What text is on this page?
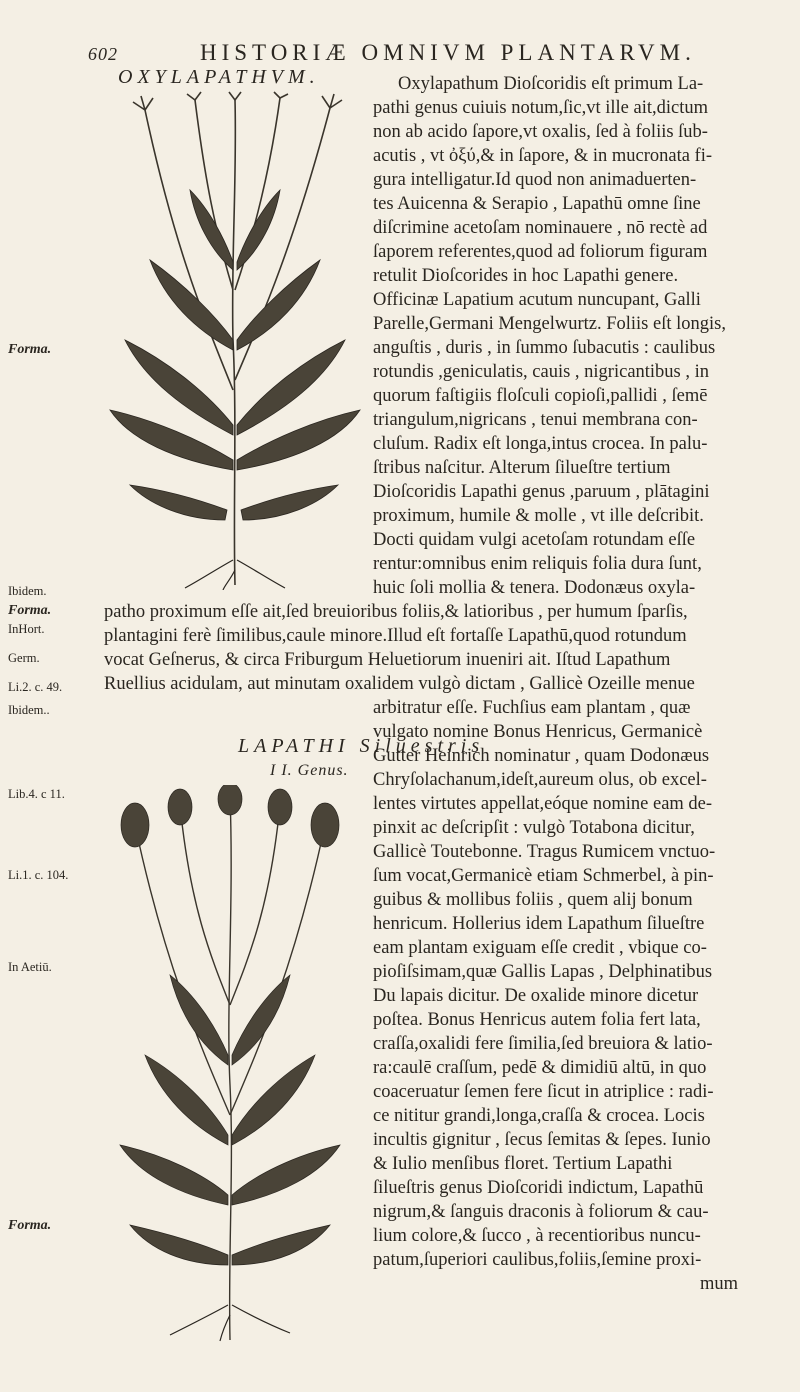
602	HISTORIÆ OMNIVM PLANTARVM.
OXYLAPATHVM.
LAPATHI Siluestris
I I. Genus.
Forma.
Ibidem.
Forma.
InHort.
Germ.
Li.2. c. 49.
Ibidem..
Lib.4. c 11.
Li.1. c. 104.
In Aetiū.
Forma.
Oxylapathum Dioſcoridis eſt primum La-
pathi genus cuiuis notum,ſic,vt ille ait,dictum
non ab acido ſapore,vt oxalis, ſed à foliis ſub-
acutis , vt ὀξύ,& in ſapore, & in mucronata fi-
gura intelligatur.Id quod non animaduerten-
tes Auicenna & Serapio , Lapathū omne ſine
diſcrimine acetoſam nominauere , nō rectè ad
ſaporem referentes,quod ad foliorum figuram
retulit Dioſcorides in hoc Lapathi genere.
Officinæ Lapatium acutum nuncupant, Galli
Parelle,Germani Mengelwurtz. Foliis eſt longis,
anguſtis , duris , in ſummo ſubacutis : caulibus
rotundis ,geniculatis, cauis , nigricantibus , in
quorum faſtigiis floſculi copioſi,pallidi , ſemē
triangulum,nigricans , tenui membrana con-
cluſum. Radix eſt longa,intus crocea. In palu-
ſtribus naſcitur. Alterum ſilueſtre tertium
Dioſcoridis Lapathi genus ,paruum , plātagini
proximum, humile & molle , vt ille deſcribit.
Docti quidam vulgi acetoſam rotundam eſſe
rentur:omnibus enim reliquis folia dura ſunt,
huic ſoli mollia & tenera. Dodonæus oxyla-
patho proximum eſſe ait,ſed breuioribus foliis,& latioribus , per humum ſparſis,
plantagini ferè ſimilibus,caule minore.Illud eſt fortaſſe Lapathū,quod rotundum
vocat Geſnerus, & circa Friburgum Heluetiorum inueniri ait. Iſtud Lapathum
Ruellius acidulam, aut minutam oxalidem vulgò dictam , Gallicè Ozeille menue
arbitratur eſſe. Fuchſius eam plantam , quæ
vulgato nomine Bonus Henricus, Germanicè
Gutter Heinrich nominatur , quam Dodonæus
Chryſolachanum,ideſt,aureum olus, ob excel-
lentes virtutes appellat,eóque nomine eam de-
pinxit ac deſcripſit : vulgò Totabona dicitur,
Gallicè Toutebonne. Tragus Rumicem vnctuo-
ſum vocat,Germanicè etiam Schmerbel, à pin-
guibus & mollibus foliis , quem alij bonum
henricum. Hollerius idem Lapathum ſilueſtre
eam plantam exiguam eſſe credit , vbique co-
pioſiſsimam,quæ Gallis Lapas , Delphinatibus
Du lapais dicitur. De oxalide minore dicetur
poſtea. Bonus Henricus autem folia fert lata,
craſſa,oxalidi fere ſimilia,ſed breuiora & latio-
ra:caulē craſſum, pedē & dimidiū altū, in quo
coaceruatur ſemen fere ſicut in atriplice : radi-
ce nititur grandi,longa,craſſa & crocea. Locis
incultis gignitur , ſecus ſemitas & ſepes. Iunio
& Iulio menſibus floret. Tertium Lapathi
ſilueſtris genus Dioſcoridi indictum, Lapathū
nigrum,& ſanguis draconis à foliorum & cau-
lium colore,& ſucco , à recentioribus nuncu-
patum,ſuperiori caulibus,foliis,ſemine proxi-
mum
